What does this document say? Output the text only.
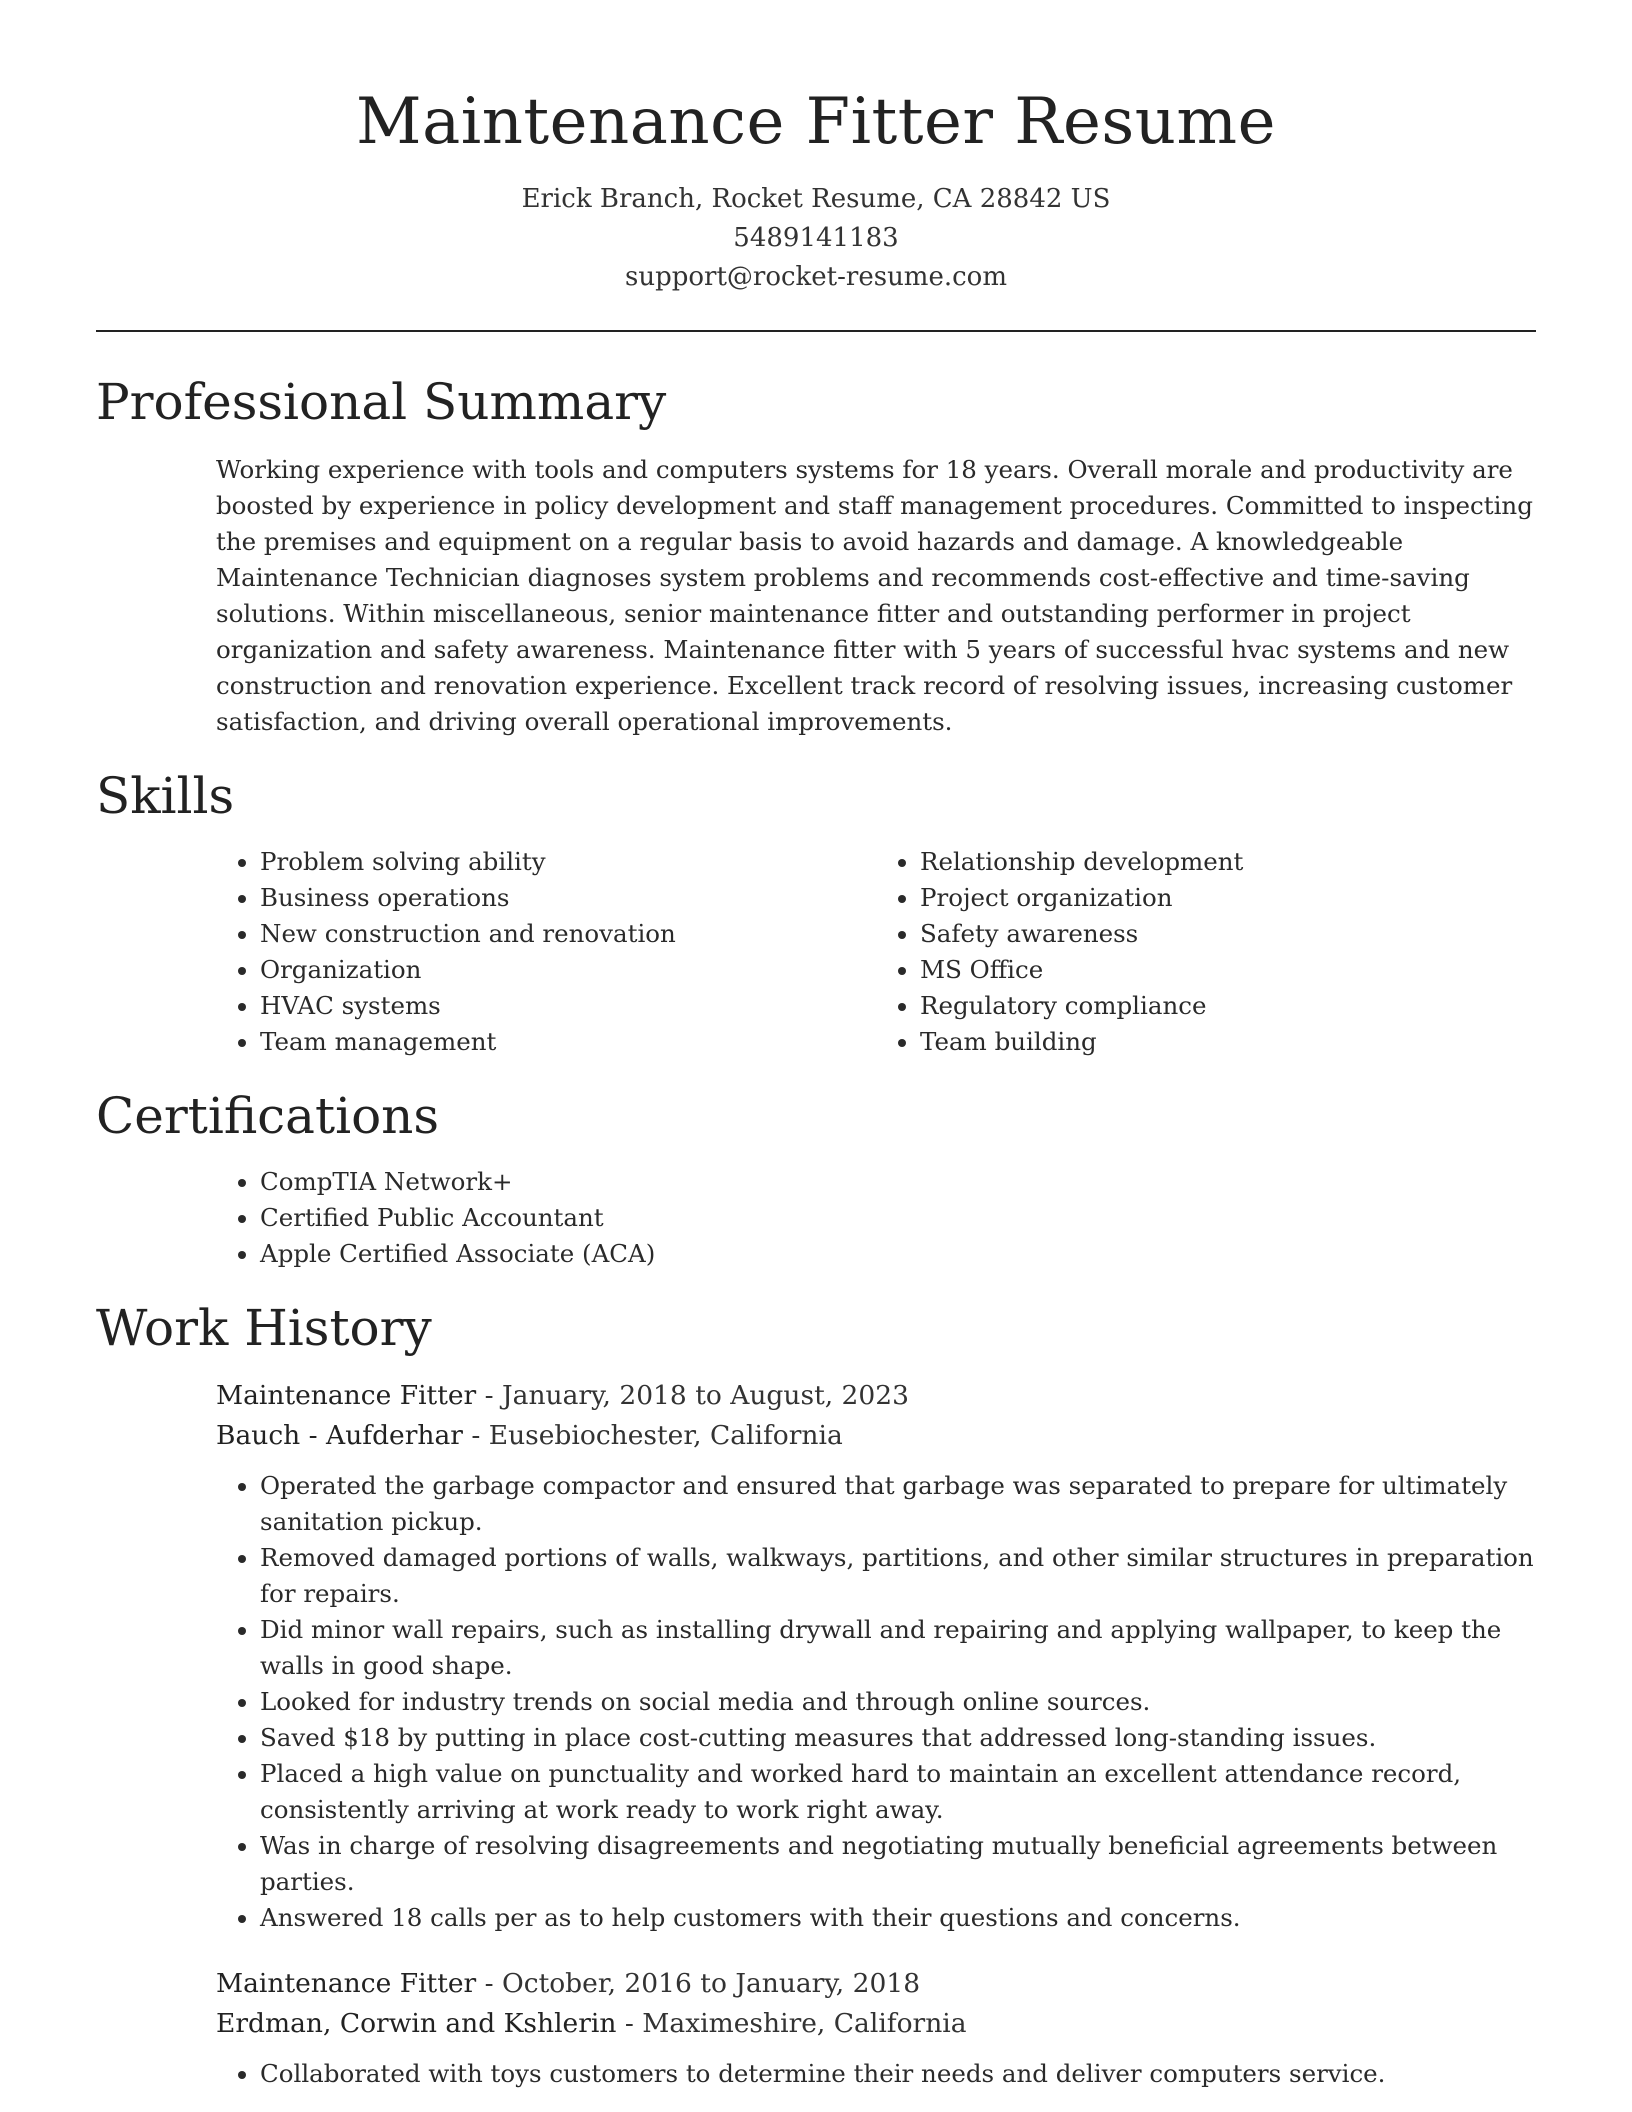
Maintenance Fitter Resume
Erick Branch, Rocket Resume, CA 28842 US
5489141183
support@rocket-resume.com
Professional Summary

Working experience with tools and computers systems for 18 years. Overall morale and productivity are boosted by experience in policy development and staff management procedures. Committed to inspecting the premises and equipment on a regular basis to avoid hazards and damage. A knowledgeable Maintenance Technician diagnoses system problems and recommends cost-effective and time-saving solutions. Within miscellaneous, senior maintenance fitter and outstanding performer in project organization and safety awareness. Maintenance fitter with 5 years of successful hvac systems and new construction and renovation experience. Excellent track record of resolving issues, increasing customer satisfaction, and driving overall operational improvements.

Skills
• Problem solving ability
• Business operations
• New construction and renovation
• Organization
• HVAC systems
• Team management
• Relationship development
• Project organization
• Safety awareness
• MS Office
• Regulatory compliance
• Team building
Certifications
• CompTIA Network+
• Certified Public Accountant
• Apple Certified Associate (ACA)
Work History
Maintenance Fitter - January, 2018 to August, 2023
Bauch - Aufderhar - Eusebiochester, California
• Operated the garbage compactor and ensured that garbage was separated to prepare for ultimately sanitation pickup.
• Removed damaged portions of walls, walkways, partitions, and other similar structures in preparation for repairs.
• Did minor wall repairs, such as installing drywall and repairing and applying wallpaper, to keep the walls in good shape.
• Looked for industry trends on social media and through online sources.
• Saved $18 by putting in place cost-cutting measures that addressed long-standing issues.
• Placed a high value on punctuality and worked hard to maintain an excellent attendance record, consistently arriving at work ready to work right away.
• Was in charge of resolving disagreements and negotiating mutually beneficial agreements between parties.
• Answered 18 calls per as to help customers with their questions and concerns.
Maintenance Fitter - October, 2016 to January, 2018
Erdman, Corwin and Kshlerin - Maximeshire, California
• Collaborated with toys customers to determine their needs and deliver computers service.
